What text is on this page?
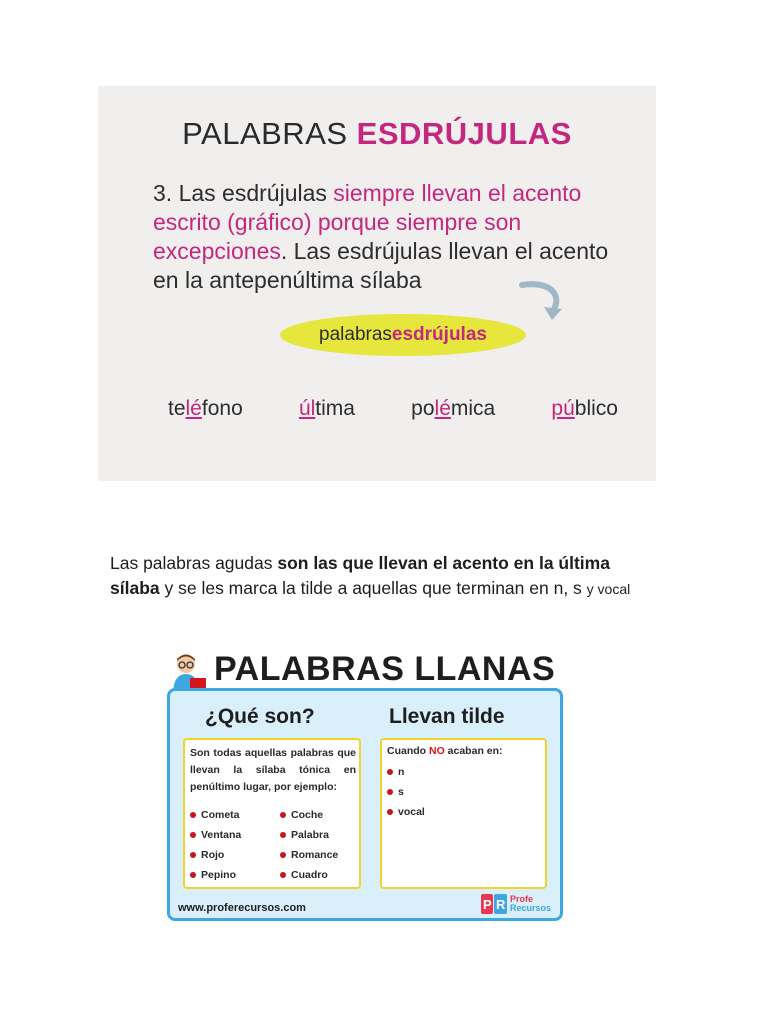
PALABRAS ESDRÚJULAS
3. Las esdrújulas siempre llevan el acento escrito (gráfico) porque siempre son excepciones. Las esdrújulas llevan el acento en la antepenúltima sílaba
palabras esdrújulas
teléfono	última	polémica	público

Las palabras agudas son las que llevan el acento en la última sílaba y se les marca la tilde a aquellas que terminan en n, s y vocal

PALABRAS LLANAS
¿Qué son?	Llevan tilde
Son todas aquellas palabras que llevan la sílaba tónica en penúltimo lugar, por ejemplo:
Cometa
Ventana
Rojo
Pepino
Coche
Palabra
Romance
Cuadro
Cuando NO acaban en:
n
s
vocal
www.proferecursos.com	P R Profe
Recursos
